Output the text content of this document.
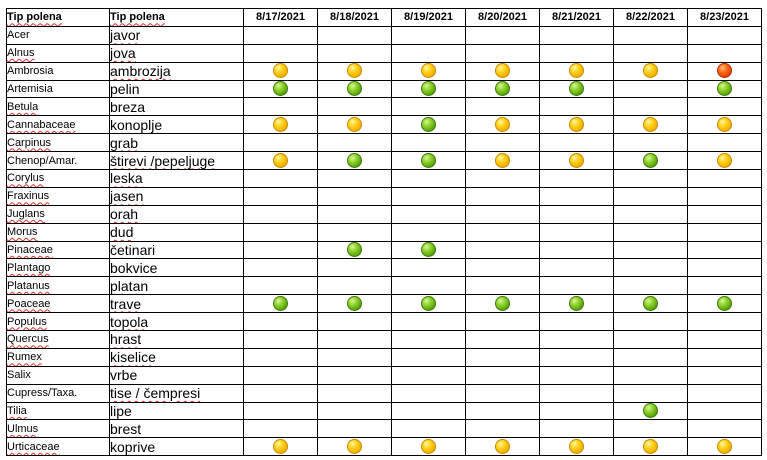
Tip polena	Tip polena	8/17/2021	8/18/2021	8/19/2021	8/20/2021	8/21/2021	8/22/2021	8/23/2021
Acer	javor							
Alnus	jova							
Ambrosia	ambrozija							
Artemisia	pelin							
Betula	breza							
Cannabaceae	konoplje							
Carpinus	grab							
Chenop/Amar.	štirevi /pepeljuge							
Corylus	leska							
Fraxinus	jasen							
Juglans	orah							
Morus	dud							
Pinaceae	četinari							
Plantago	bokvice							
Platanus	platan							
Poaceae	trave							
Populus	topola							
Quercus	hrast							
Rumex	kiselice							
Salix	vrbe							
Cupress/Taxa.	tise / čempresi							
Tilia	lipe							
Ulmus	brest							
Urticaceae	koprive							
